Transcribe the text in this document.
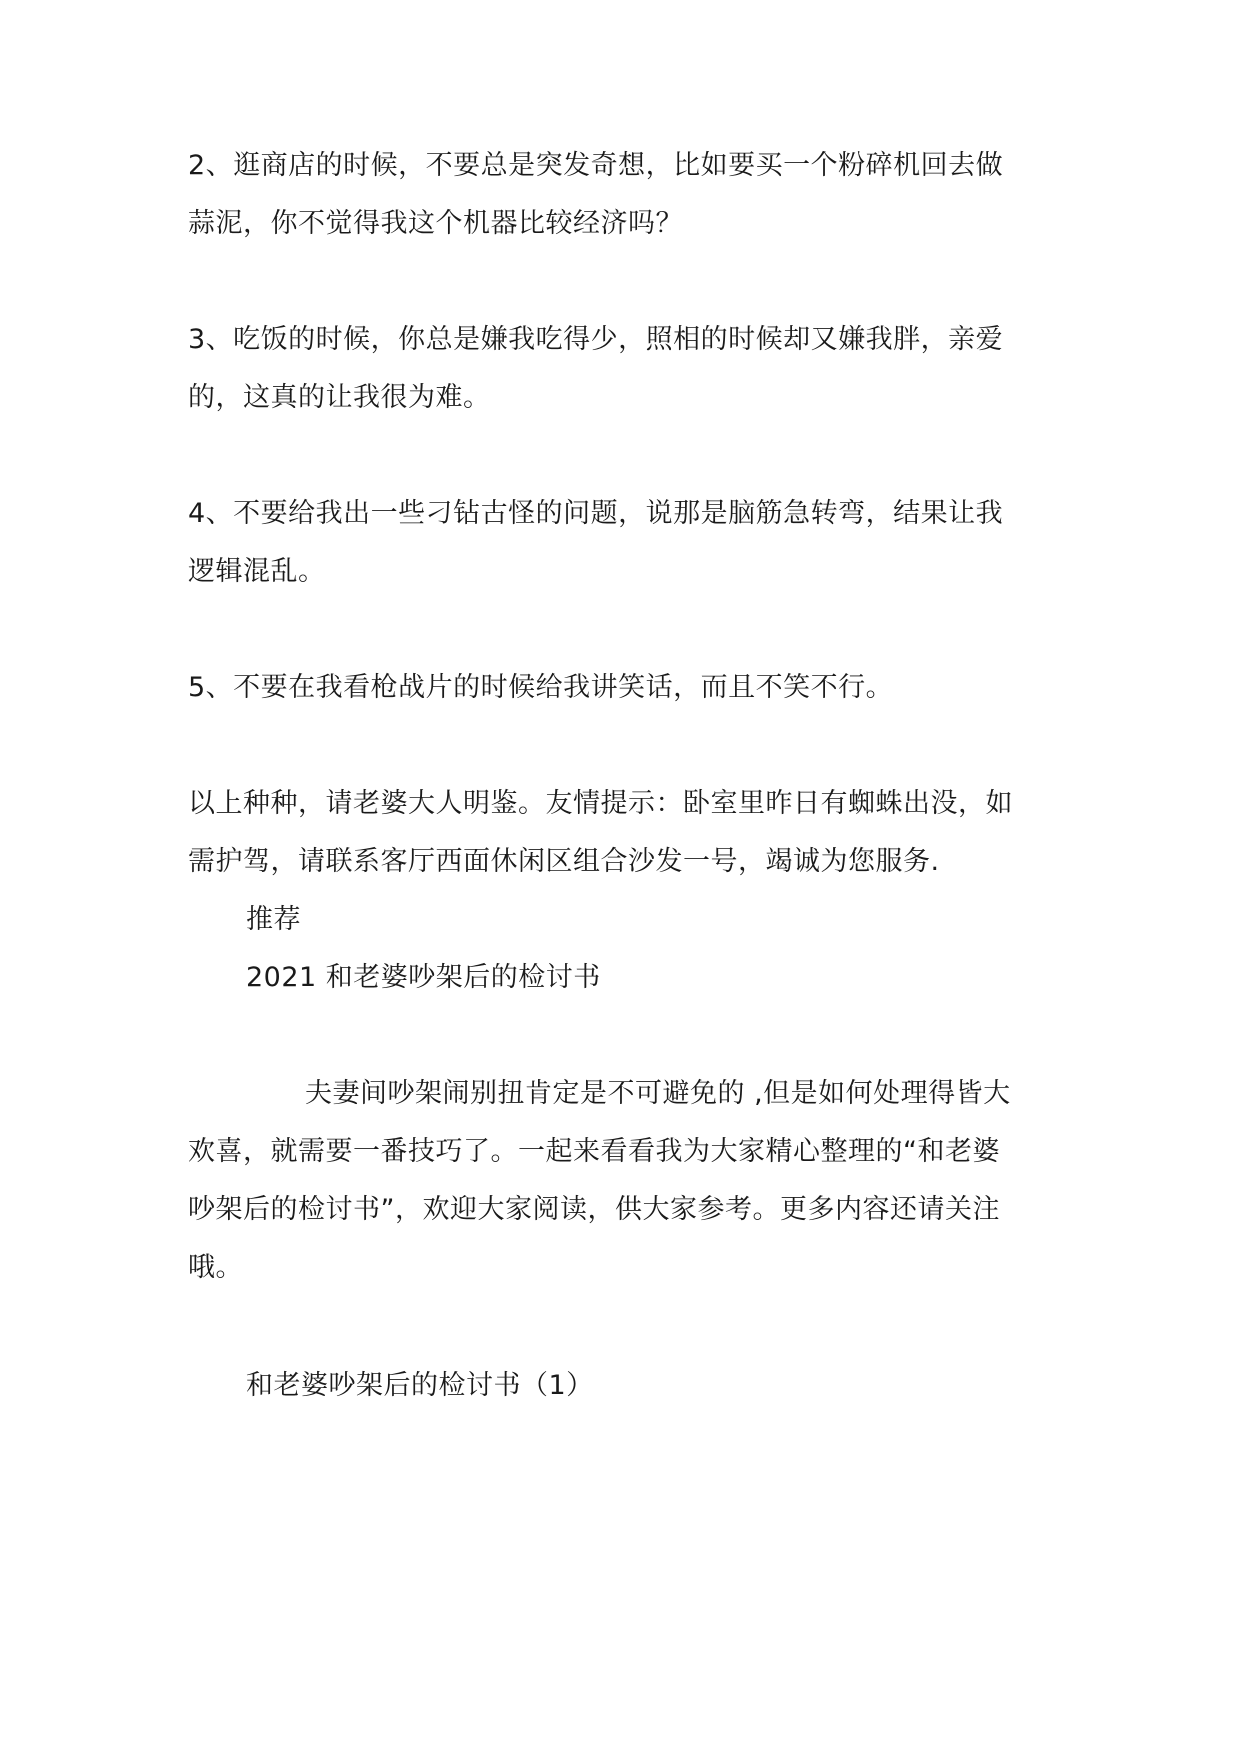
2、逛商店的时候，不要总是突发奇想，比如要买一个粉碎机回去做
蒜泥，你不觉得我这个机器比较经济吗？
3、吃饭的时候，你总是嫌我吃得少，照相的时候却又嫌我胖，亲爱
的，这真的让我很为难。
4、不要给我出一些刁钻古怪的问题，说那是脑筋急转弯，结果让我
逻辑混乱。
5、不要在我看枪战片的时候给我讲笑话，而且不笑不行。
以上种种，请老婆大人明鉴。友情提示：卧室里昨日有蜘蛛出没，如
需护驾，请联系客厅西面休闲区组合沙发一号，竭诚为您服务.
推荐
2021 和老婆吵架后的检讨书
夫妻间吵架闹别扭肯定是不可避免的 ,但是如何处理得皆大
欢喜，就需要一番技巧了。一起来看看我为大家精心整理的“和老婆
吵架后的检讨书”，欢迎大家阅读，供大家参考。更多内容还请关注
哦。
和老婆吵架后的检讨书（1）
